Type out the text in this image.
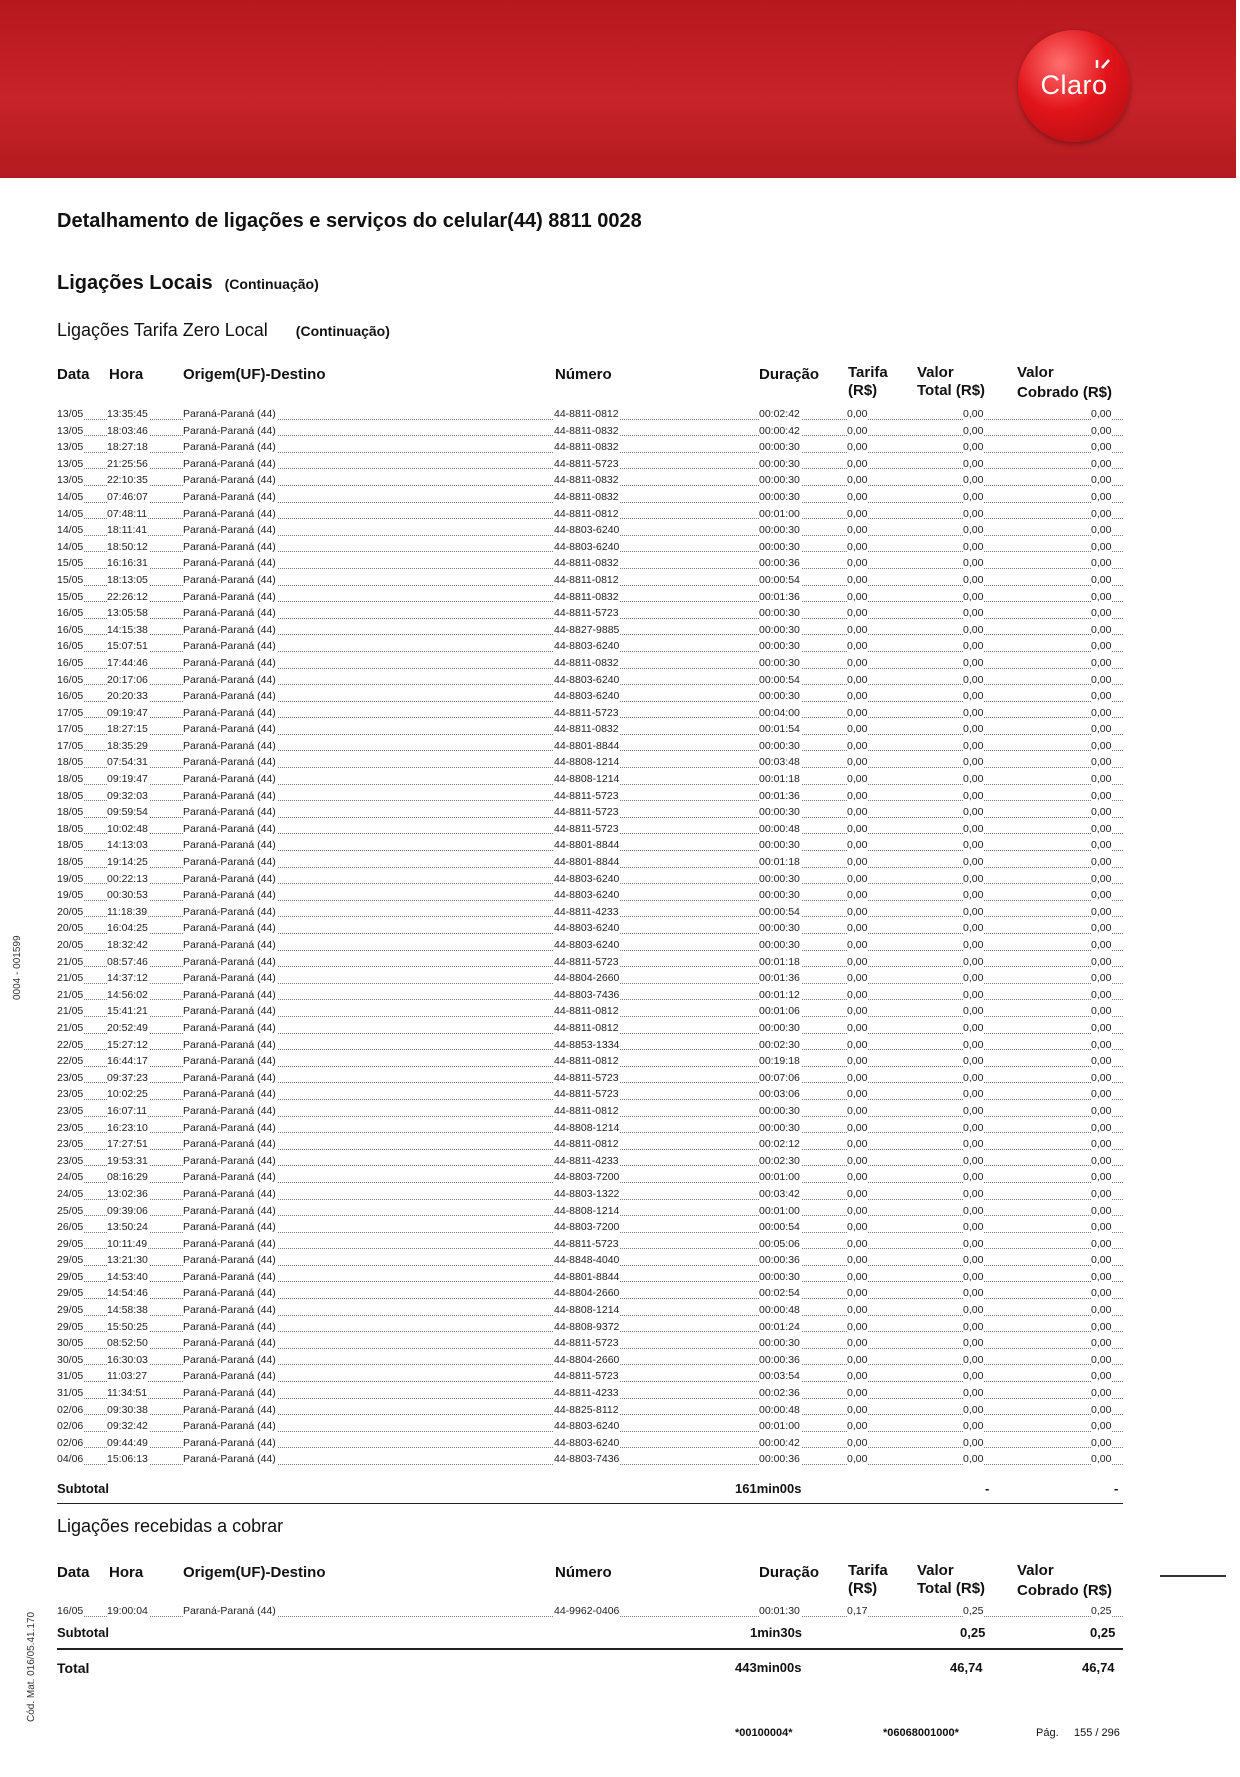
Claro
Detalhamento de ligações e serviços do celular(44) 8811 0028
Ligações Locais (Continuação)
Ligações Tarifa Zero Local (Continuação)
Data Hora	Origem(UF)-Destino	Número	Duração Tarifa
(R$)
Valor
Total (R$)
Valor
Cobrado (R$)
13/05 13:35:45	Paraná-Paraná (44)	44-8811-0812	00:02:42	0,00	0,00	0,00
13/05 18:03:46	Paraná-Paraná (44)	44-8811-0832	00:00:42	0,00	0,00	0,00
13/05 18:27:18	Paraná-Paraná (44)	44-8811-0832	00:00:30	0,00	0,00	0,00
13/05 21:25:56	Paraná-Paraná (44)	44-8811-5723	00:00:30	0,00	0,00	0,00
13/05 22:10:35	Paraná-Paraná (44)	44-8811-0832	00:00:30	0,00	0,00	0,00
14/05 07:46:07	Paraná-Paraná (44)	44-8811-0832	00:00:30	0,00	0,00	0,00
14/05 07:48:11	Paraná-Paraná (44)	44-8811-0812	00:01:00	0,00	0,00	0,00
14/05 18:11:41	Paraná-Paraná (44)	44-8803-6240	00:00:30	0,00	0,00	0,00
14/05 18:50:12	Paraná-Paraná (44)	44-8803-6240	00:00:30	0,00	0,00	0,00
15/05 16:16:31	Paraná-Paraná (44)	44-8811-0832	00:00:36	0,00	0,00	0,00
15/05 18:13:05	Paraná-Paraná (44)	44-8811-0812	00:00:54	0,00	0,00	0,00
15/05 22:26:12	Paraná-Paraná (44)	44-8811-0832	00:01:36	0,00	0,00	0,00
16/05 13:05:58	Paraná-Paraná (44)	44-8811-5723	00:00:30	0,00	0,00	0,00
16/05 14:15:38	Paraná-Paraná (44)	44-8827-9885	00:00:30	0,00	0,00	0,00
16/05 15:07:51	Paraná-Paraná (44)	44-8803-6240	00:00:30	0,00	0,00	0,00
16/05 17:44:46	Paraná-Paraná (44)	44-8811-0832	00:00:30	0,00	0,00	0,00
16/05 20:17:06	Paraná-Paraná (44)	44-8803-6240	00:00:54	0,00	0,00	0,00
16/05 20:20:33	Paraná-Paraná (44)	44-8803-6240	00:00:30	0,00	0,00	0,00
17/05 09:19:47	Paraná-Paraná (44)	44-8811-5723	00:04:00	0,00	0,00	0,00
17/05 18:27:15	Paraná-Paraná (44)	44-8811-0832	00:01:54	0,00	0,00	0,00
17/05 18:35:29	Paraná-Paraná (44)	44-8801-8844	00:00:30	0,00	0,00	0,00
18/05 07:54:31	Paraná-Paraná (44)	44-8808-1214	00:03:48	0,00	0,00	0,00
18/05 09:19:47	Paraná-Paraná (44)	44-8808-1214	00:01:18	0,00	0,00	0,00
18/05 09:32:03	Paraná-Paraná (44)	44-8811-5723	00:01:36	0,00	0,00	0,00
18/05 09:59:54	Paraná-Paraná (44)	44-8811-5723	00:00:30	0,00	0,00	0,00
18/05 10:02:48	Paraná-Paraná (44)	44-8811-5723	00:00:48	0,00	0,00	0,00
18/05 14:13:03	Paraná-Paraná (44)	44-8801-8844	00:00:30	0,00	0,00	0,00
18/05 19:14:25	Paraná-Paraná (44)	44-8801-8844	00:01:18	0,00	0,00	0,00
19/05 00:22:13	Paraná-Paraná (44)	44-8803-6240	00:00:30	0,00	0,00	0,00
19/05 00:30:53	Paraná-Paraná (44)	44-8803-6240	00:00:30	0,00	0,00	0,00
20/05 11:18:39	Paraná-Paraná (44)	44-8811-4233	00:00:54	0,00	0,00	0,00
20/05 16:04:25	Paraná-Paraná (44)	44-8803-6240	00:00:30	0,00	0,00	0,00
20/05 18:32:42	Paraná-Paraná (44)	44-8803-6240	00:00:30	0,00	0,00	0,00
21/05 08:57:46	Paraná-Paraná (44)	44-8811-5723	00:01:18	0,00	0,00	0,00
21/05 14:37:12	Paraná-Paraná (44)	44-8804-2660	00:01:36	0,00	0,00	0,00
21/05 14:56:02	Paraná-Paraná (44)	44-8803-7436	00:01:12	0,00	0,00	0,00
21/05 15:41:21	Paraná-Paraná (44)	44-8811-0812	00:01:06	0,00	0,00	0,00
21/05 20:52:49	Paraná-Paraná (44)	44-8811-0812	00:00:30	0,00	0,00	0,00
22/05 15:27:12	Paraná-Paraná (44)	44-8853-1334	00:02:30	0,00	0,00	0,00
22/05 16:44:17	Paraná-Paraná (44)	44-8811-0812	00:19:18	0,00	0,00	0,00
23/05 09:37:23	Paraná-Paraná (44)	44-8811-5723	00:07:06	0,00	0,00	0,00
23/05 10:02:25	Paraná-Paraná (44)	44-8811-5723	00:03:06	0,00	0,00	0,00
23/05 16:07:11	Paraná-Paraná (44)	44-8811-0812	00:00:30	0,00	0,00	0,00
23/05 16:23:10	Paraná-Paraná (44)	44-8808-1214	00:00:30	0,00	0,00	0,00
23/05 17:27:51	Paraná-Paraná (44)	44-8811-0812	00:02:12	0,00	0,00	0,00
23/05 19:53:31	Paraná-Paraná (44)	44-8811-4233	00:02:30	0,00	0,00	0,00
24/05 08:16:29	Paraná-Paraná (44)	44-8803-7200	00:01:00	0,00	0,00	0,00
24/05 13:02:36	Paraná-Paraná (44)	44-8803-1322	00:03:42	0,00	0,00	0,00
25/05 09:39:06	Paraná-Paraná (44)	44-8808-1214	00:01:00	0,00	0,00	0,00
26/05 13:50:24	Paraná-Paraná (44)	44-8803-7200	00:00:54	0,00	0,00	0,00
29/05 10:11:49	Paraná-Paraná (44)	44-8811-5723	00:05:06	0,00	0,00	0,00
29/05 13:21:30	Paraná-Paraná (44)	44-8848-4040	00:00:36	0,00	0,00	0,00
29/05 14:53:40	Paraná-Paraná (44)	44-8801-8844	00:00:30	0,00	0,00	0,00
29/05 14:54:46	Paraná-Paraná (44)	44-8804-2660	00:02:54	0,00	0,00	0,00
29/05 14:58:38	Paraná-Paraná (44)	44-8808-1214	00:00:48	0,00	0,00	0,00
29/05 15:50:25	Paraná-Paraná (44)	44-8808-9372	00:01:24	0,00	0,00	0,00
30/05 08:52:50	Paraná-Paraná (44)	44-8811-5723	00:00:30	0,00	0,00	0,00
30/05 16:30:03	Paraná-Paraná (44)	44-8804-2660	00:00:36	0,00	0,00	0,00
31/05 11:03:27	Paraná-Paraná (44)	44-8811-5723	00:03:54	0,00	0,00	0,00
31/05 11:34:51	Paraná-Paraná (44)	44-8811-4233	00:02:36	0,00	0,00	0,00
02/06 09:30:38	Paraná-Paraná (44)	44-8825-8112	00:00:48	0,00	0,00	0,00
02/06 09:32:42	Paraná-Paraná (44)	44-8803-6240	00:01:00	0,00	0,00	0,00
02/06 09:44:49	Paraná-Paraná (44)	44-8803-6240	00:00:42	0,00	0,00	0,00
04/06 15:06:13	Paraná-Paraná (44)	44-8803-7436	00:00:36	0,00	0,00	0,00
Subtotal	161min00s	-	-
Ligações recebidas a cobrar
Data Hora	Origem(UF)-Destino	Número	Duração Tarifa
(R$)
Valor
Total (R$)
Valor
Cobrado (R$)
16/05 19:00:04	Paraná-Paraná (44)	44-9962-0406	00:01:30	0,17	0,25	0,25
Subtotal	1min30s	0,25	0,25
Total	443min00s	46,74	46,74
*00100004*	*06068001000*	Pág. 155 / 296
0004 - 001599
Cód. Mat. 016/05.41.170
